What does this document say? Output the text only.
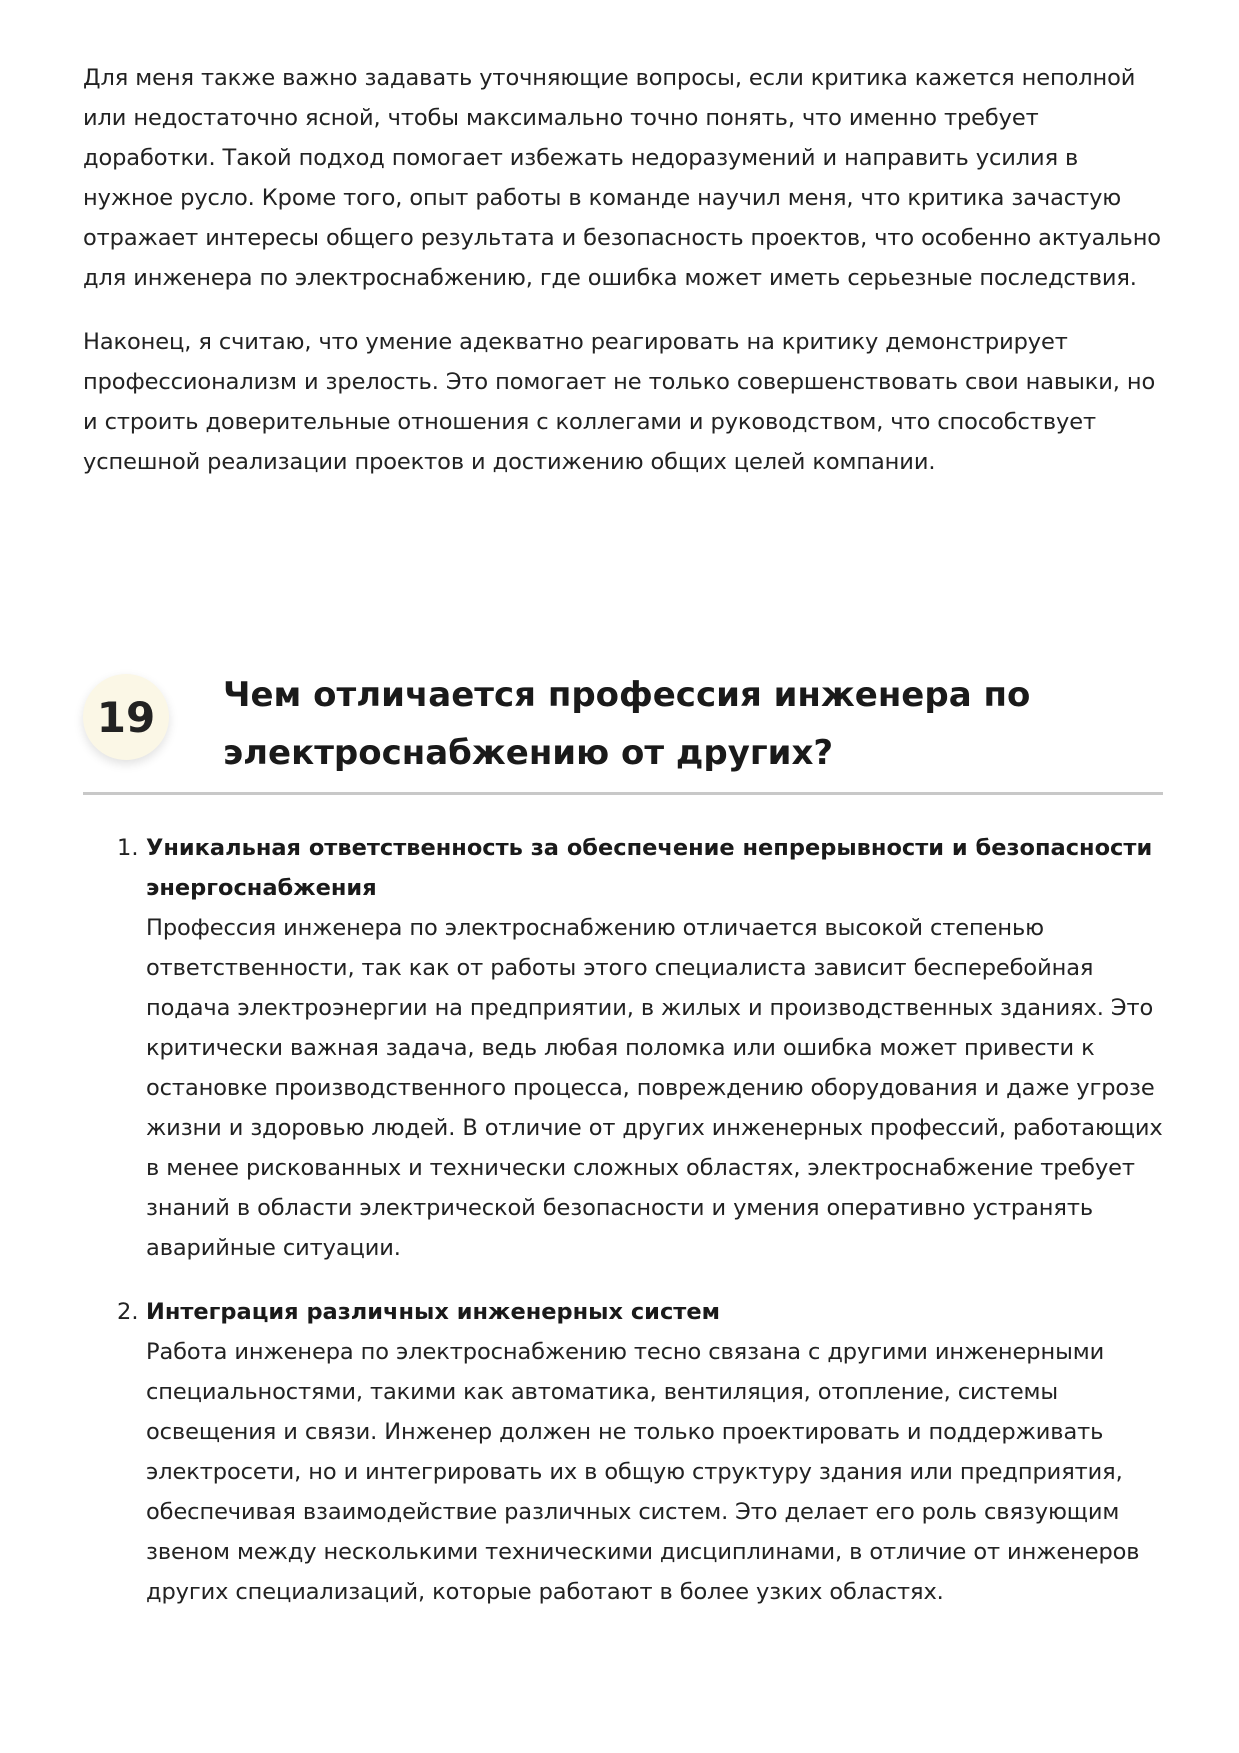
Для меня также важно задавать уточняющие вопросы, если критика кажется неполной или недостаточно ясной, чтобы максимально точно понять, что именно требует доработки. Такой подход помогает избежать недоразумений и направить усилия в нужное русло. Кроме того, опыт работы в команде научил меня, что критика зачастую отражает интересы общего результата и безопасность проектов, что особенно актуально для инженера по электроснабжению, где ошибка может иметь серьезные последствия.

Наконец, я считаю, что умение адекватно реагировать на критику демонстрирует профессионализм и зрелость. Это помогает не только совершенствовать свои навыки, но и строить доверительные отношения с коллегами и руководством, что способствует успешной реализации проектов и достижению общих целей компании.

19	Чем отличается профессия инженера по электроснабжению от других?
1. Уникальная ответственность за обеспечение непрерывности и безопасности энергоснабжения
Профессия инженера по электроснабжению отличается высокой степенью ответственности, так как от работы этого специалиста зависит бесперебойная подача электроэнергии на предприятии, в жилых и производственных зданиях. Это критически важная задача, ведь любая поломка или ошибка может привести к остановке производственного процесса, повреждению оборудования и даже угрозе жизни и здоровью людей. В отличие от других инженерных профессий, работающих в менее рискованных и технически сложных областях, электроснабжение требует знаний в области электрической безопасности и умения оперативно устранять аварийные ситуации.
2. Интеграция различных инженерных систем
Работа инженера по электроснабжению тесно связана с другими инженерными специальностями, такими как автоматика, вентиляция, отопление, системы освещения и связи. Инженер должен не только проектировать и поддерживать электросети, но и интегрировать их в общую структуру здания или предприятия, обеспечивая взаимодействие различных систем. Это делает его роль связующим звеном между несколькими техническими дисциплинами, в отличие от инженеров других специализаций, которые работают в более узких областях.
